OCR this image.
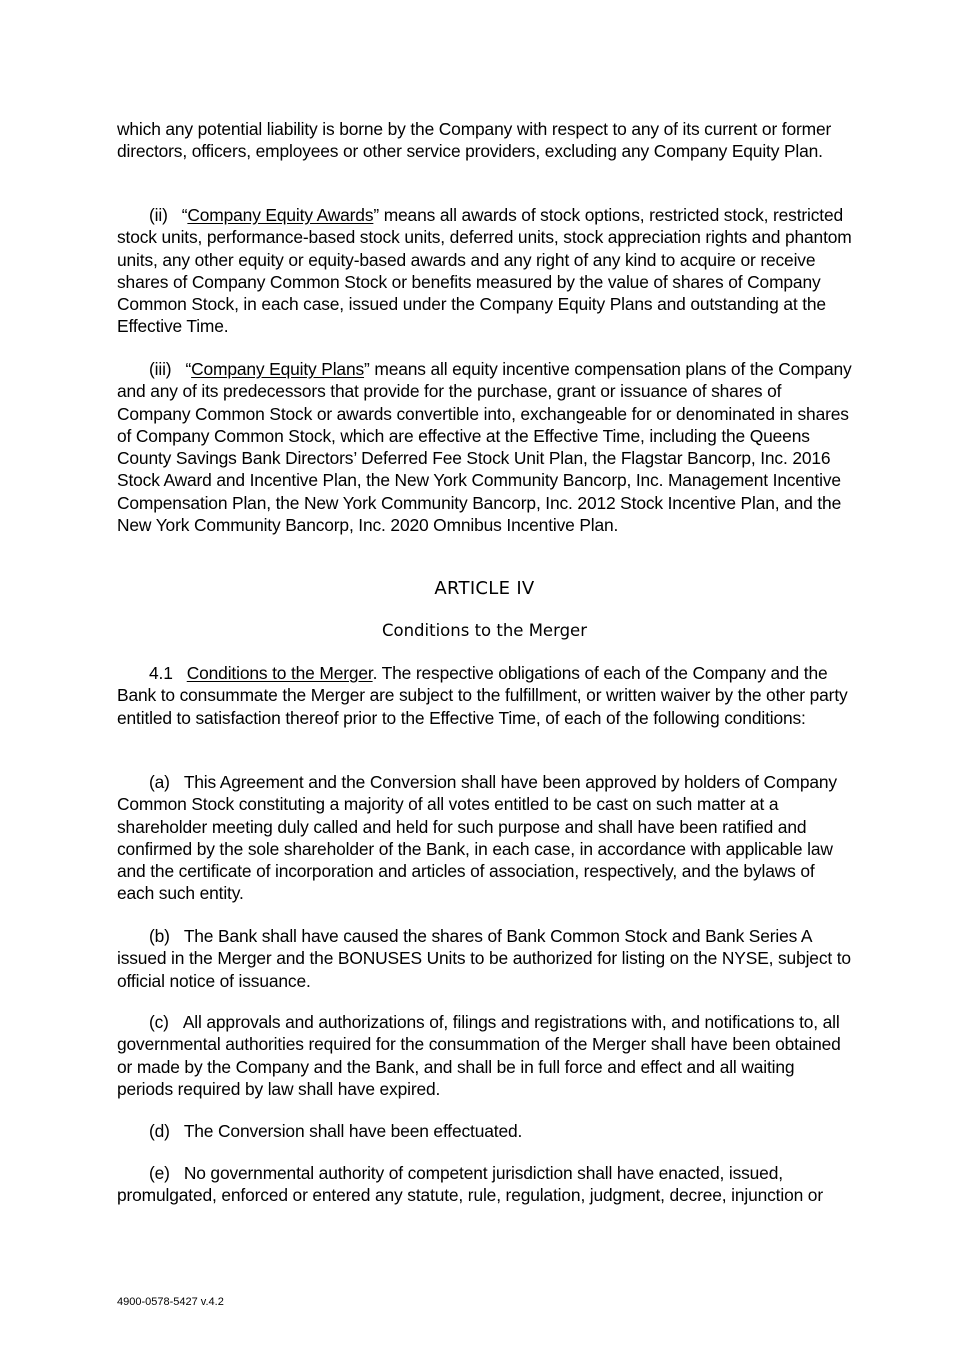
which any potential liability is borne by the Company with respect to any of its current or former directors, officers, employees or other service providers, excluding any Company Equity Plan.

(ii) “Company Equity Awards” means all awards of stock options, restricted stock, restricted stock units, performance-based stock units, deferred units, stock appreciation rights and phantom units, any other equity or equity-based awards and any right of any kind to acquire or receive shares of Company Common Stock or benefits measured by the value of shares of Company Common Stock, in each case, issued under the Company Equity Plans and outstanding at the Effective Time.

(iii) “Company Equity Plans” means all equity incentive compensation plans of the Company and any of its predecessors that provide for the purchase, grant or issuance of shares of Company Common Stock or awards convertible into, exchangeable for or denominated in shares of Company Common Stock, which are effective at the Effective Time, including the Queens County Savings Bank Directors’ Deferred Fee Stock Unit Plan, the Flagstar Bancorp, Inc. 2016 Stock Award and Incentive Plan, the New York Community Bancorp, Inc. Management Incentive Compensation Plan, the New York Community Bancorp, Inc. 2012 Stock Incentive Plan, and the New York Community Bancorp, Inc. 2020 Omnibus Incentive Plan.

ARTICLE IV

Conditions to the Merger

4.1 Conditions to the Merger. The respective obligations of each of the Company and the Bank to consummate the Merger are subject to the fulfillment, or written waiver by the other party entitled to satisfaction thereof prior to the Effective Time, of each of the following conditions:

(a) This Agreement and the Conversion shall have been approved by holders of Company Common Stock constituting a majority of all votes entitled to be cast on such matter at a shareholder meeting duly called and held for such purpose and shall have been ratified and confirmed by the sole shareholder of the Bank, in each case, in accordance with applicable law and the certificate of incorporation and articles of association, respectively, and the bylaws of each such entity.

(b) The Bank shall have caused the shares of Bank Common Stock and Bank Series A issued in the Merger and the BONUSES Units to be authorized for listing on the NYSE, subject to official notice of issuance.

(c) All approvals and authorizations of, filings and registrations with, and notifications to, all governmental authorities required for the consummation of the Merger shall have been obtained or made by the Company and the Bank, and shall be in full force and effect and all waiting periods required by law shall have expired.

(d) The Conversion shall have been effectuated.

(e) No governmental authority of competent jurisdiction shall have enacted, issued, promulgated, enforced or entered any statute, rule, regulation, judgment, decree, injunction or

4900-0578-5427 v.4.2
